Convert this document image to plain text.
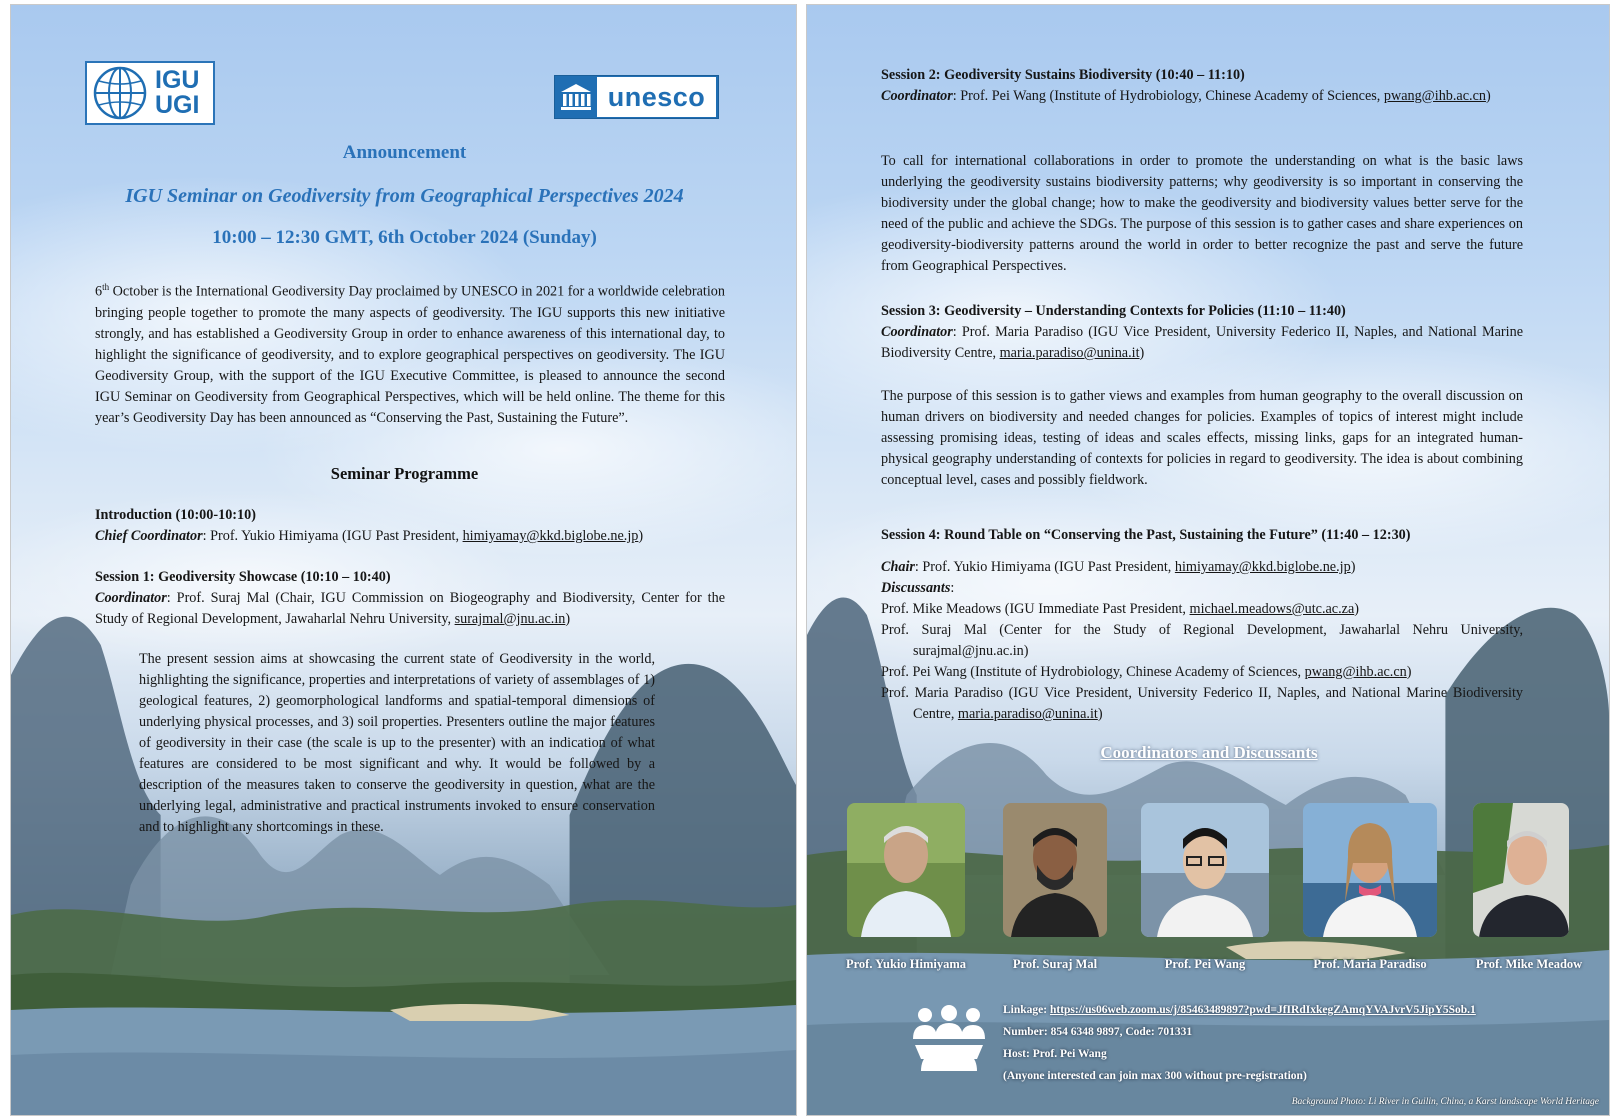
IGU
UGI	unesco
Announcement
IGU Seminar on Geodiversity from Geographical Perspectives 2024
10:00 – 12:30 GMT, 6th October 2024 (Sunday)
6th October is the International Geodiversity Day proclaimed by UNESCO in 2021 for a worldwide celebration bringing people together to promote the many aspects of geodiversity. The IGU supports this new initiative strongly, and has established a Geodiversity Group in order to enhance awareness of this international day, to highlight the significance of geodiversity, and to explore geographical perspectives on geodiversity. The IGU Geodiversity Group, with the support of the IGU Executive Committee, is pleased to announce the second IGU Seminar on Geodiversity from Geographical Perspectives, which will be held online. The theme for this year’s Geodiversity Day has been announced as “Conserving the Past, Sustaining the Future”.
Seminar Programme
Introduction (10:00-10:10)
Chief Coordinator: Prof. Yukio Himiyama (IGU Past President, himiyamay@kkd.biglobe.ne.jp)
Session 1: Geodiversity Showcase (10:10 – 10:40)
Coordinator: Prof. Suraj Mal (Chair, IGU Commission on Biogeography and Biodiversity, Center for the Study of Regional Development, Jawaharlal Nehru University, surajmal@jnu.ac.in)
The present session aims at showcasing the current state of Geodiversity in the world, highlighting the significance, properties and interpretations of variety of assemblages of 1) geological features, 2) geomorphological landforms and spatial-temporal dimensions of underlying physical processes, and 3) soil properties. Presenters outline the major features of geodiversity in their case (the scale is up to the presenter) with an indication of what features are considered to be most significant and why. It would be followed by a description of the measures taken to conserve the geodiversity in question, what are the underlying legal, administrative and practical instruments invoked to ensure conservation and to highlight any shortcomings in these.
Session 2: Geodiversity Sustains Biodiversity (10:40 – 11:10)
Coordinator: Prof. Pei Wang (Institute of Hydrobiology, Chinese Academy of Sciences, pwang@ihb.ac.cn)
To call for international collaborations in order to promote the understanding on what is the basic laws underlying the geodiversity sustains biodiversity patterns; why geodiversity is so important in conserving the biodiversity under the global change; how to make the geodiversity and biodiversity values better serve for the need of the public and achieve the SDGs. The purpose of this session is to gather cases and share experiences on geodiversity-biodiversity patterns around the world in order to better recognize the past and serve the future from Geographical Perspectives.
Session 3: Geodiversity – Understanding Contexts for Policies (11:10 – 11:40)
Coordinator: Prof. Maria Paradiso (IGU Vice President, University Federico II, Naples, and National Marine Biodiversity Centre, maria.paradiso@unina.it)
The purpose of this session is to gather views and examples from human geography to the overall discussion on human drivers on biodiversity and needed changes for policies. Examples of topics of interest might include assessing promising ideas, testing of ideas and scales effects, missing links, gaps for an integrated human-physical geography understanding of contexts for policies in regard to geodiversity. The idea is about combining conceptual level, cases and possibly fieldwork.
Session 4: Round Table on “Conserving the Past, Sustaining the Future” (11:40 – 12:30)
Chair: Prof. Yukio Himiyama (IGU Past President, himiyamay@kkd.biglobe.ne.jp)
Discussants:
Prof. Mike Meadows (IGU Immediate Past President, michael.meadows@utc.ac.za)
Prof. Suraj Mal (Center for the Study of Regional Development, Jawaharlal Nehru University, surajmal@jnu.ac.in)
Prof. Pei Wang (Institute of Hydrobiology, Chinese Academy of Sciences, pwang@ihb.ac.cn)
Prof. Maria Paradiso (IGU Vice President, University Federico II, Naples, and National Marine Biodiversity Centre, maria.paradiso@unina.it)
Coordinators and Discussants
Prof. Yukio Himiyama	Prof. Suraj Mal	Prof. Pei Wang	Prof. Maria Paradiso	Prof. Mike Meadow
Linkage: https://us06web.zoom.us/j/85463489897?pwd=JfIRdIxkegZAmqYVAJvrV5JipY5Sob.1
Number: 854 6348 9897, Code: 701331
Host: Prof. Pei Wang
(Anyone interested can join max 300 without pre-registration)
Background Photo: Li River in Guilin, China, a Karst landscape World Heritage
